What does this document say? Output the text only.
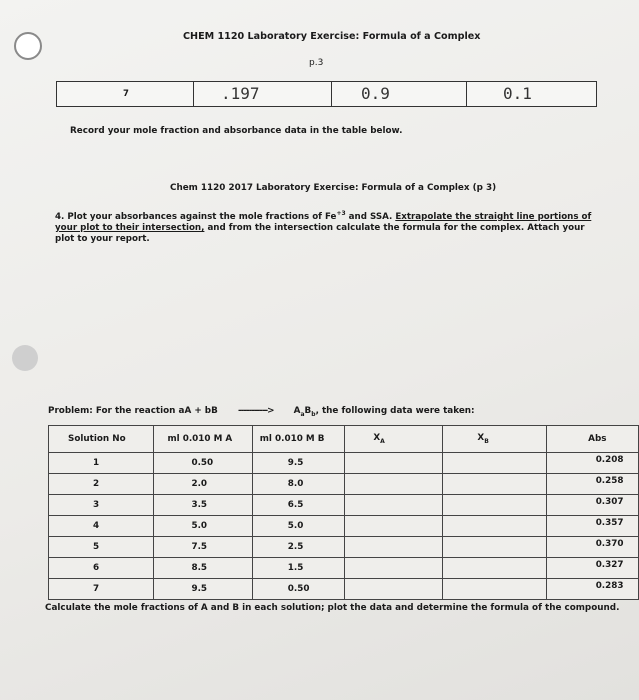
CHEM 1120 Laboratory Exercise: Formula of a Complex
p.3
7	.197	0.9	0.1
Record your mole fraction and absorbance data in the table below.
Chem 1120 2017 Laboratory Exercise: Formula of a Complex (p 3)
4. Plot your absorbances against the mole fractions of $Fe^{+3}$ and SSA. Extrapolate the straight line portions of your plot to their intersection, and from the intersection calculate the formula for the complex. Attach your plot to your report.
Problem: For the reaction aA + bB -----------> $A_aB_b$, the following data were taken:
Solution No	ml 0.010 M A	ml 0.010 M B	$X_A$	$X_B$	Abs
1	0.50	9.5			0.208
2	2.0	8.0			0.258
3	3.5	6.5			0.307
4	5.0	5.0			0.357
5	7.5	2.5			0.370
6	8.5	1.5			0.327
7	9.5	0.50			0.283
Calculate the mole fractions of A and B in each solution; plot the data and determine the formula of the compound.
